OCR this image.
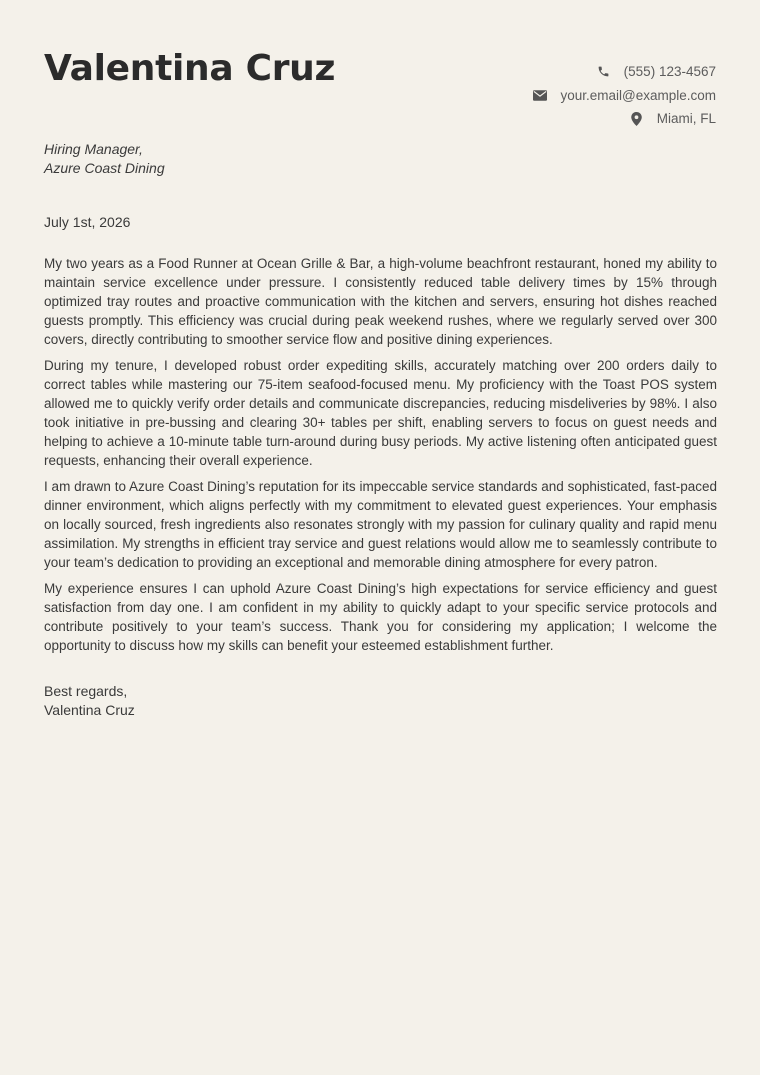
Valentina Cruz	(555) 123-4567
your.email@example.com
Miami, FL
Hiring Manager,
Azure Coast Dining
July 1st, 2026

My two years as a Food Runner at Ocean Grille & Bar, a high-volume beachfront restaurant, honed my ability to maintain service excellence under pressure. I consistently reduced table delivery times by 15% through optimized tray routes and proactive communication with the kitchen and servers, ensuring hot dishes reached guests promptly. This efficiency was crucial during peak weekend rushes, where we regularly served over 300 covers, directly contributing to smoother service flow and positive dining experiences.

During my tenure, I developed robust order expediting skills, accurately matching over 200 orders daily to correct tables while mastering our 75-item seafood-focused menu. My proficiency with the Toast POS system allowed me to quickly verify order details and communicate discrepancies, reducing misdeliveries by 98%. I also took initiative in pre-bussing and clearing 30+ tables per shift, enabling servers to focus on guest needs and helping to achieve a 10-minute table turn-around during busy periods. My active listening often anticipated guest requests, enhancing their overall experience.

I am drawn to Azure Coast Dining’s reputation for its impeccable service standards and sophisticated, fast-paced dinner environment, which aligns perfectly with my commitment to elevated guest experiences. Your emphasis on locally sourced, fresh ingredients also resonates strongly with my passion for culinary quality and rapid menu assimilation. My strengths in efficient tray service and guest relations would allow me to seamlessly contribute to your team’s dedication to providing an exceptional and memorable dining atmosphere for every patron.

My experience ensures I can uphold Azure Coast Dining’s high expectations for service efficiency and guest satisfaction from day one. I am confident in my ability to quickly adapt to your specific service protocols and contribute positively to your team’s success. Thank you for considering my application; I welcome the opportunity to discuss how my skills can benefit your esteemed establishment further.

Best regards,
Valentina Cruz
